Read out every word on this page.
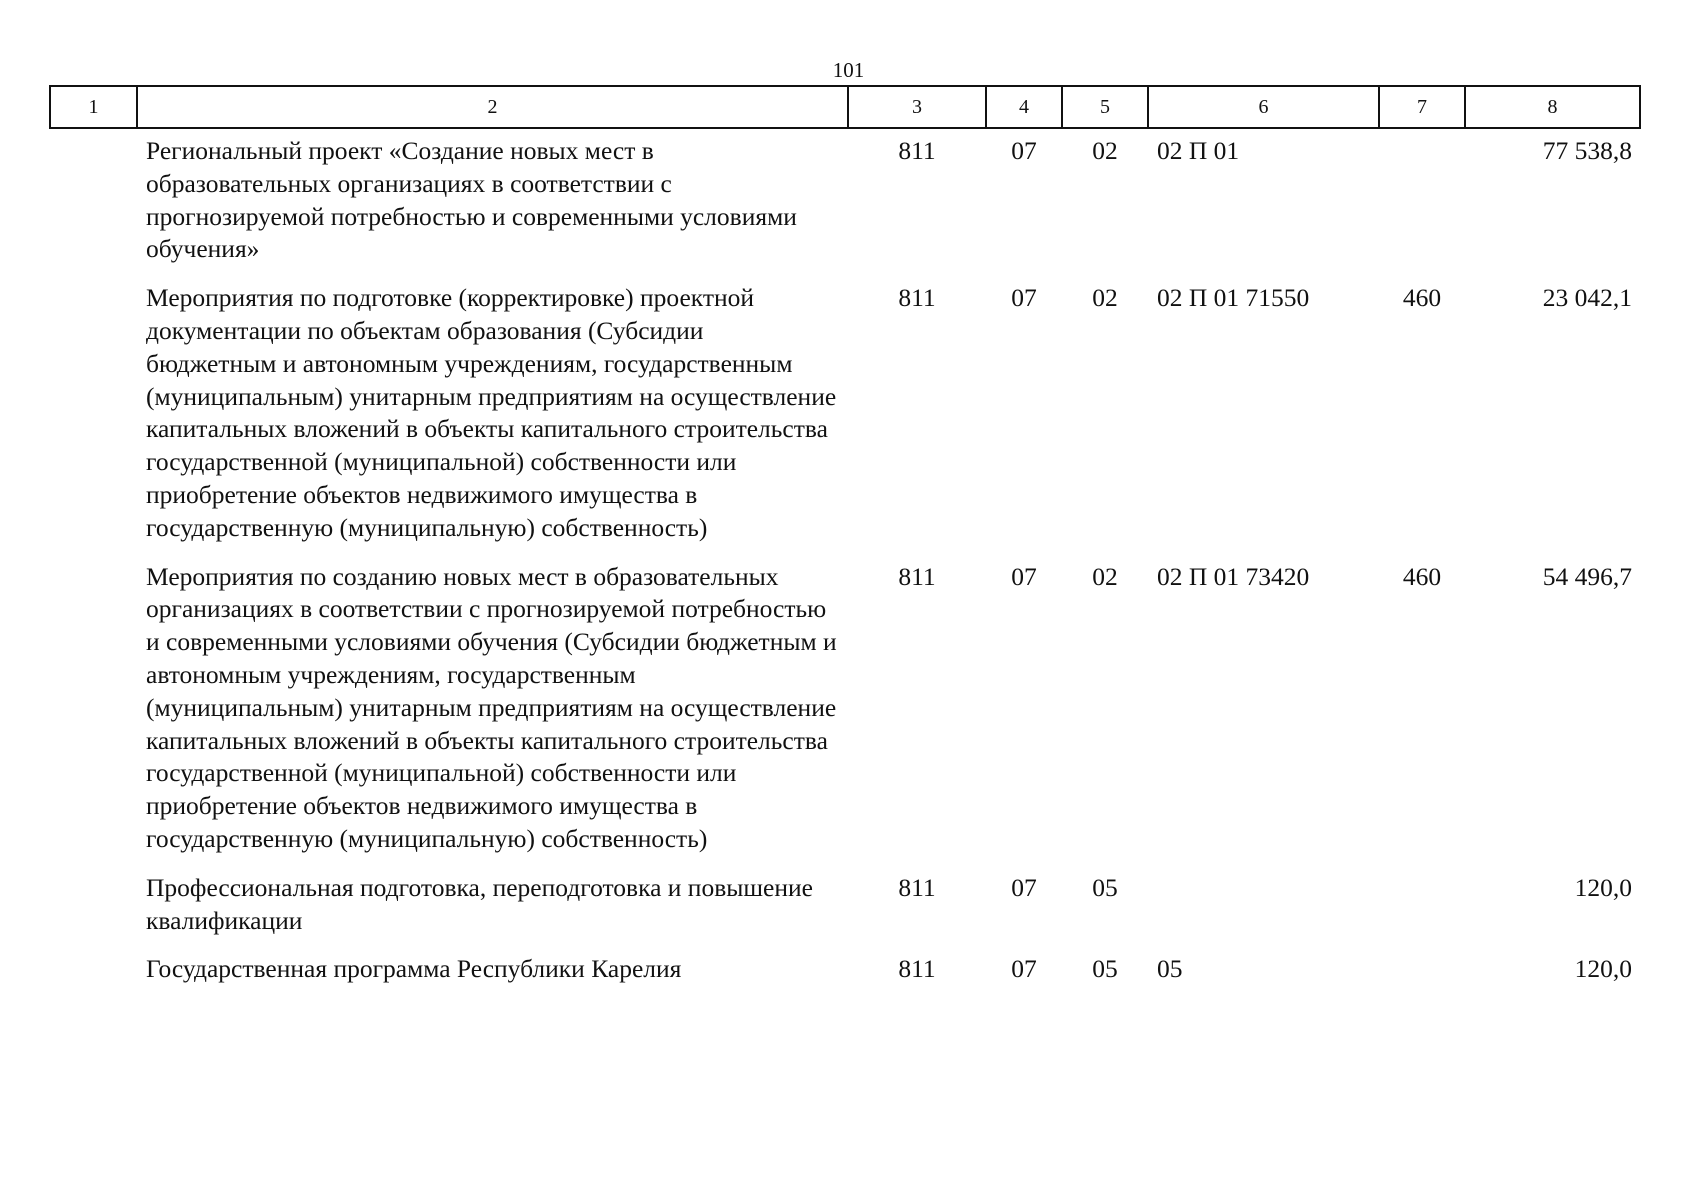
101
1	2	3	4	5	6	7	8
	Региональный проект «Создание новых мест в образовательных организациях в соответствии с прогнозируемой потребностью и современными условиями обучения»	811	07	02	02 П 01		77 538,8
	Мероприятия по подготовке (корректировке) проектной документации по объектам образования (Субсидии бюджетным и автономным учреждениям, государственным (муниципальным) унитарным предприятиям на осуществление капитальных вложений в объекты капитального строительства государственной (муниципальной) собственности или приобретение объектов недвижимого имущества в государственную (муниципальную) собственность)	811	07	02	02 П 01 71550	460	23 042,1
	Мероприятия по созданию новых мест в образовательных организациях в соответствии с прогнозируемой потребностью и современными условиями обучения (Субсидии бюджетным и автономным учреждениям, государственным (муниципальным) унитарным предприятиям на осуществление капитальных вложений в объекты капитального строительства государственной (муниципальной) собственности или приобретение объектов недвижимого имущества в государственную (муниципальную) собственность)	811	07	02	02 П 01 73420	460	54 496,7
	Профессиональная подготовка, переподготовка и повышение квалификации	811	07	05			120,0
	Государственная программа Республики Карелия	811	07	05	05		120,0
